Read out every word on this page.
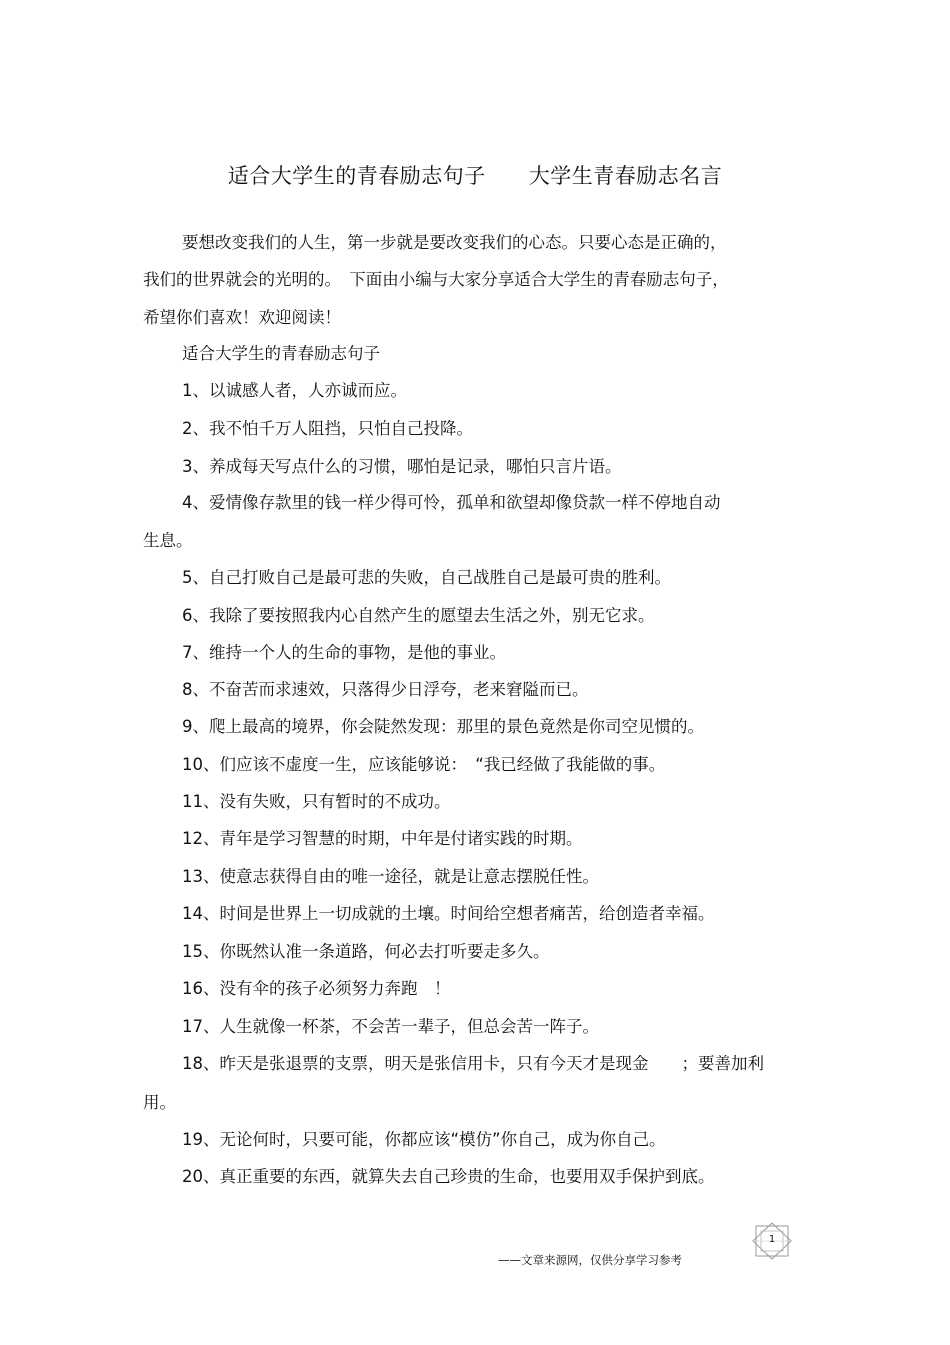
适合大学生的青春励志句子　　大学生青春励志名言
要想改变我们的人生，第一步就是要改变我们的心态。只要心态是正确的，
我们的世界就会的光明的。　下面由小编与大家分享适合大学生的青春励志句子，
希望你们喜欢！欢迎阅读！
适合大学生的青春励志句子
1、以诚感人者，人亦诚而应。
2、我不怕千万人阻挡，只怕自己投降。
3、养成每天写点什么的习惯，哪怕是记录，哪怕只言片语。
4、爱情像存款里的钱一样少得可怜，孤单和欲望却像贷款一样不停地自动
生息。
5、自己打败自己是最可悲的失败，自己战胜自己是最可贵的胜利。
6、我除了要按照我内心自然产生的愿望去生活之外，别无它求。
7、维持一个人的生命的事物，是他的事业。
8、不奋苦而求速效，只落得少日浮夸，老来窘隘而已。
9、爬上最高的境界，你会陡然发现：那里的景色竟然是你司空见惯的。
10、们应该不虚度一生，应该能够说：　“我已经做了我能做的事。
11、没有失败，只有暂时的不成功。
12、青年是学习智慧的时期，中年是付诸实践的时期。
13、使意志获得自由的唯一途径，就是让意志摆脱任性。
14、时间是世界上一切成就的土壤。时间给空想者痛苦，给创造者幸福。
15、你既然认准一条道路，何必去打听要走多久。
16、没有伞的孩子必须努力奔跑　！
17、人生就像一杯茶，不会苦一辈子，但总会苦一阵子。
18、昨天是张退票的支票，明天是张信用卡，只有今天才是现金　　；要善加利
用。
19、无论何时，只要可能，你都应该“模仿”你自己，成为你自己。
20、真正重要的东西，就算失去自己珍贵的生命，也要用双手保护到底。
——文章来源网，仅供分享学习参考
1
